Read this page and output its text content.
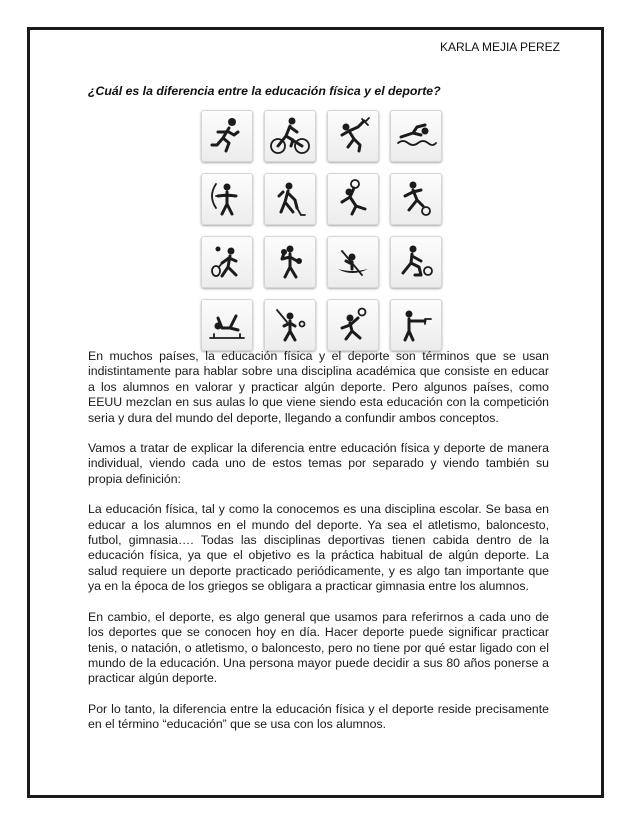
KARLA MEJIA PEREZ
¿Cuál es la diferencia entre la educación física y el deporte?

En muchos países, la educación física y el deporte son términos que se usan indistintamente para hablar sobre una disciplina académica que consiste en educar a los alumnos en valorar y practicar algún deporte. Pero algunos países, como EEUU mezclan en sus aulas lo que viene siendo esta educación con la competición seria y dura del mundo del deporte, llegando a confundir ambos conceptos.

Vamos a tratar de explicar la diferencia entre educación física y deporte de manera individual, viendo cada uno de estos temas por separado y viendo también su propia definición:

La educación física, tal y como la conocemos es una disciplina escolar. Se basa en educar a los alumnos en el mundo del deporte. Ya sea el atletismo, baloncesto, futbol, gimnasia…. Todas las disciplinas deportivas tienen cabida dentro de la educación física, ya que el objetivo es la práctica habitual de algún deporte. La salud requiere un deporte practicado periódicamente, y es algo tan importante que ya en la época de los griegos se obligara a practicar gimnasia entre los alumnos.

En cambio, el deporte, es algo general que usamos para referirnos a cada uno de los deportes que se conocen hoy en día. Hacer deporte puede significar practicar tenis, o natación, o atletismo, o baloncesto, pero no tiene por qué estar ligado con el mundo de la educación. Una persona mayor puede decidir a sus 80 años ponerse a practicar algún deporte.

Por lo tanto, la diferencia entre la educación física y el deporte reside precisamente en el término “educación” que se usa con los alumnos.
